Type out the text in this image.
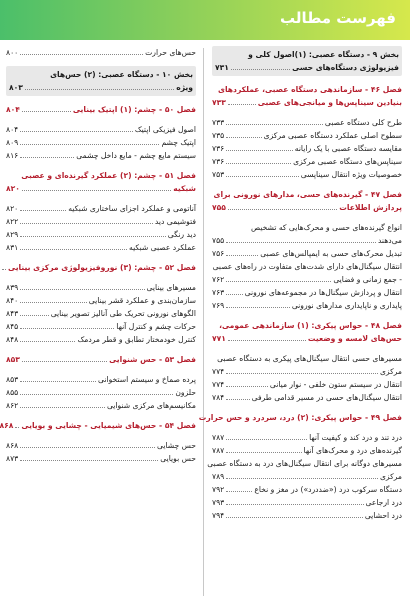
فهرست مطالب
بخش ۹ - دستگاه عصبی: (۱)اصول کلی و
فیزیولوژی دستگاه‌های حسی
۷۳۱
فصل ۴۶ - سازماندهی دستگاه عصبی، عملکردهای
بنیادین سیناپس‌ها و میانجی‌های عصبی
۷۳۳
طرح کلی دستگاه عصبی
۷۳۳
سطوح اصلی عملکرد دستگاه عصبی مرکزی
۷۳۵
مقایسه دستگاه عصبی با یک رایانه
۷۳۶
سیناپس‌های دستگاه عصبی مرکزی
۷۳۶
خصوصیات ویژه انتقال سیناپسی
۷۵۳
فصل ۴۷ - گیرنده‌های حسی، مدارهای نورونی برای
پردازش اطلاعات
۷۵۵
انواع گیرنده‌های حسی و محرک‌هایی که تشخیص
می‌دهند
۷۵۵
تبدیل محرک‌های حسی به ایمپالس‌های عصبی
۷۵۶
انتقال سیگنال‌های دارای شدت‌های متفاوت در راه‌های عصبی
- جمع زمانی و فضایی
۷۶۲
انتقال و پردازش سیگنال‌ها در مجموعه‌های نورونی
۷۶۳
پایداری و ناپایداری مدارهای نورونی
۷۶۹
فصل ۴۸ - حواس پیکری: (۱) سازماندهی عمومی،
حس‌های لامسه و وضعیت
۷۷۱
مسیرهای حسی انتقال سیگنال‌های پیکری به دستگاه عصبی
مرکزی
۷۷۴
انتقال در سیستم ستون خلفی - نوار میانی
۷۷۴
انتقال سیگنال‌های حسی در مسیر قدامی طرفی
۷۸۴
فصل ۴۹ - حواس پیکری: (۲) درد، سردرد و حس حرارت
درد تند و درد کند و کیفیت آنها
۷۸۷
گیرنده‌های درد و محرک‌های آنها
۷۸۷
مسیرهای دوگانه برای انتقال سیگنال‌های درد به دستگاه عصبی
مرکزی
۷۸۹
دستگاه سرکوب درد («ضددرد») در مغز و نخاع
۷۹۲
درد ارجاعی
۷۹۳
درد احشایی
۷۹۴
حس‌های حرارت
۸۰۰
بخش ۱۰ - دستگاه عصبی: (۲) حس‌های
ویژه
۸۰۳
فصل ۵۰ - چشم: (۱) اپتیک بینایی
۸۰۴
اصول فیزیکی اپتیک
۸۰۴
اپتیک چشم
۸۰۹
سیستم مایع چشم - مایع داخل چشمی
۸۱۶
فصل ۵۱ - چشم: (۲) عملکرد گیرنده‌ای و عصبی
شبکیه
۸۲۰
آناتومی و عملکرد اجزای ساختاری شبکیه
۸۲۰
فتوشیمی دید
۸۲۲
دید رنگی
۸۲۹
عملکرد عصبی شبکیه
۸۳۱
فصل ۵۲ - چشم: (۳) نوروفیزیولوژی مرکزی بینایی
مسیرهای بینایی
۸۳۹
سازمان‌بندی و عملکرد قشر بینایی
۸۴۰
الگوهای نورونی تحریک طی آنالیز تصویر بینایی
۸۴۳
حرکات چشم و کنترل آنها
۸۴۵
کنترل خودمختار تطابق و قطر مردمک
۸۴۸
فصل ۵۳ - حس شنوایی
۸۵۳
پرده صماخ و سیستم استخوانی
۸۵۳
حلزون
۸۵۵
مکانیسم‌های مرکزی شنوایی
۸۶۲
فصل ۵۴ - حس‌های شیمیایی - چشایی و بویایی
۸۶۸
حس چشایی
۸۶۸
حس بویایی
۸۷۳
